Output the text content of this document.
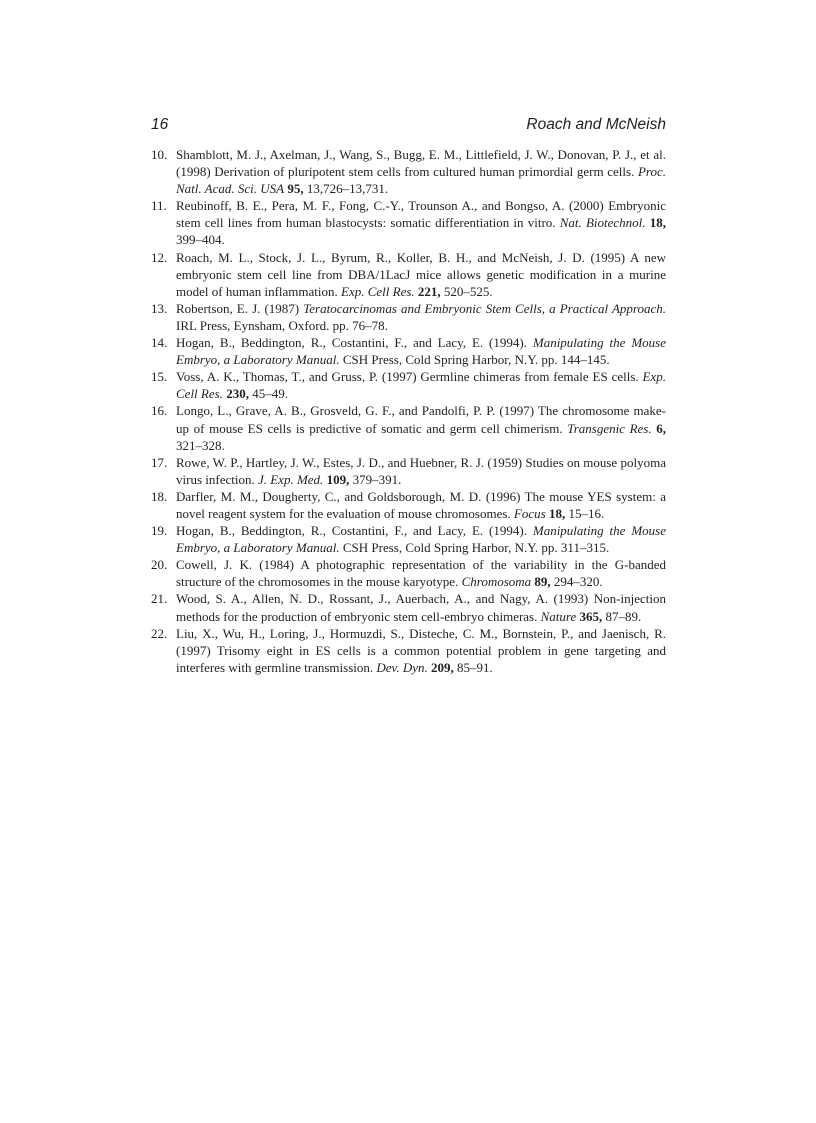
16	Roach and McNeish
10. Shamblott, M. J., Axelman, J., Wang, S., Bugg, E. M., Littlefield, J. W., Donovan, P. J., et al. (1998) Derivation of pluripotent stem cells from cultured human primordial germ cells. Proc. Natl. Acad. Sci. USA 95, 13,726–13,731.
11. Reubinoff, B. E., Pera, M. F., Fong, C.-Y., Trounson A., and Bongso, A. (2000) Embryonic stem cell lines from human blastocysts: somatic differentiation in vitro. Nat. Biotechnol. 18, 399–404.
12. Roach, M. L., Stock, J. L., Byrum, R., Koller, B. H., and McNeish, J. D. (1995) A new embryonic stem cell line from DBA/1LacJ mice allows genetic modification in a murine model of human inflammation. Exp. Cell Res. 221, 520–525.
13. Robertson, E. J. (1987) Teratocarcinomas and Embryonic Stem Cells, a Practical Approach. IRL Press, Eynsham, Oxford. pp. 76–78.
14. Hogan, B., Beddington, R., Costantini, F., and Lacy, E. (1994). Manipulating the Mouse Embryo, a Laboratory Manual. CSH Press, Cold Spring Harbor, N.Y. pp. 144–145.
15. Voss, A. K., Thomas, T., and Gruss, P. (1997) Germline chimeras from female ES cells. Exp. Cell Res. 230, 45–49.
16. Longo, L., Grave, A. B., Grosveld, G. F., and Pandolfi, P. P. (1997) The chromosome make-up of mouse ES cells is predictive of somatic and germ cell chimerism. Transgenic Res. 6, 321–328.
17. Rowe, W. P., Hartley, J. W., Estes, J. D., and Huebner, R. J. (1959) Studies on mouse polyoma virus infection. J. Exp. Med. 109, 379–391.
18. Darfler, M. M., Dougherty, C., and Goldsborough, M. D. (1996) The mouse YES system: a novel reagent system for the evaluation of mouse chromosomes. Focus 18, 15–16.
19. Hogan, B., Beddington, R., Costantini, F., and Lacy, E. (1994). Manipulating the Mouse Embryo, a Laboratory Manual. CSH Press, Cold Spring Harbor, N.Y. pp. 311–315.
20. Cowell, J. K. (1984) A photographic representation of the variability in the G-banded structure of the chromosomes in the mouse karyotype. Chromosoma 89, 294–320.
21. Wood, S. A., Allen, N. D., Rossant, J., Auerbach, A., and Nagy, A. (1993) Non-injection methods for the production of embryonic stem cell-embryo chimeras. Nature 365, 87–89.
22. Liu, X., Wu, H., Loring, J., Hormuzdi, S., Disteche, C. M., Bornstein, P., and Jaenisch, R. (1997) Trisomy eight in ES cells is a common potential problem in gene targeting and interferes with germline transmission. Dev. Dyn. 209, 85–91.
